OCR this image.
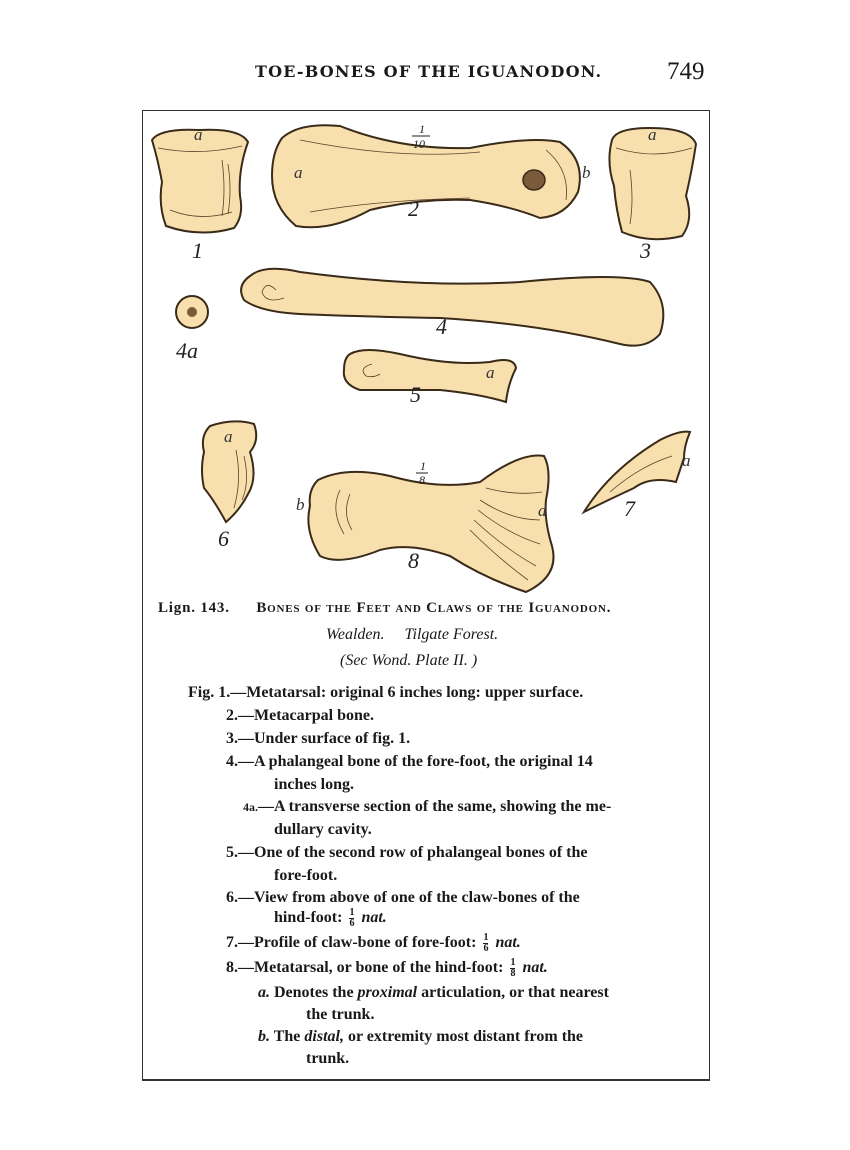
TOE-BONES OF THE IGUANODON.	749
1
2
3
4
4a
5
6
7
8
a
a	b
a
a
a
a
b	a
1
10
1
8
Lign. 143. Bones of the Feet and Claws of the Iguanodon.
Wealden. Tilgate Forest.
(Sec Wond. Plate II. )
Fig. 1.—Metatarsal: original 6 inches long: upper surface.
2.—Metacarpal bone.
3.—Under surface of fig. 1.
4.—A phalangeal bone of the fore-foot, the original 14
inches long.
4a.—A transverse section of the same, showing the me-
dullary cavity.
5.—One of the second row of phalangeal bones of the
fore-foot.
6.—View from above of one of the claw-bones of the
hind-foot: $\frac{1}{6}$ nat.
7.—Profile of claw-bone of fore-foot: $\frac{1}{6}$ nat.
8.—Metatarsal, or bone of the hind-foot: $\frac{1}{8}$ nat.
a. Denotes the proximal articulation, or that nearest
the trunk.
b. The distal, or extremity most distant from the
trunk.
